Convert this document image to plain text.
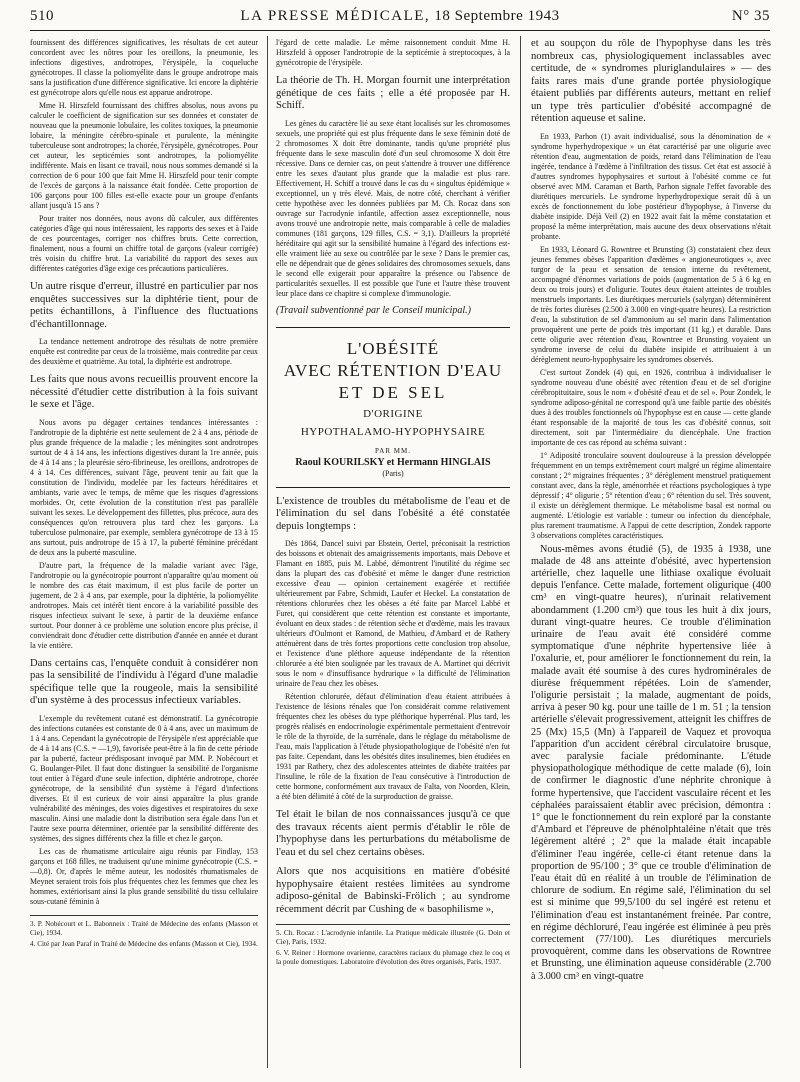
510	LA PRESSE MÉDICALE, 18 Septembre 1943	N° 35

fournissent des différences significatives, les résultats de cet auteur concordent avec les nôtres pour les oreillons, la pneumonie, les infections digestives, androtropes, l'érysipèle, la coqueluche gynécotropes. Il classe la poliomyélite dans le groupe androtrope mais sans la justification d'une différence significative. Ici encore la diphtérie est gynécotrope alors qu'elle nous est apparue androtrope.

Mme H. Hirszfeld fournissant des chiffres absolus, nous avons pu calculer le coefficient de signification sur ses données et constater de nouveau que la pneumonie lobulaire, les colites toxiques, la pneumonie lobaire, la méningite cérébro-spinale et purulente, la méningite tuberculeuse sont androtropes; la chorée, l'érysipèle, gynécotropes. Pour cet auteur, les septicémies sont androtropes, la poliomyélite indifférente. Mais en lisant ce travail, nous nous sommes demandé si la correction de 6 pour 100 que fait Mme H. Hirszfeld pour tenir compte de l'excès de garçons à la naissance était fondée. Cette proportion de 106 garçons pour 100 filles est-elle exacte pour un groupe d'enfants allant jusqu'à 15 ans ?

Pour traiter nos données, nous avons dû calculer, aux différentes catégories d'âge qui nous intéressaient, les rapports des sexes et à l'aide de ces pourcentages, corriger nos chiffres bruts. Cette correction, finalement, nous a fourni un chiffre total de garçons (valeur corrigée) très voisin du chiffre brut. La variabilité du rapport des sexes aux différentes catégories d'âge exige ces précautions particulières.

Un autre risque d'erreur, illustré en particulier par nos enquêtes successives sur la diphtérie tient, pour de petits échantillons, à l'influence des fluctuations d'échantillonnage.

La tendance nettement androtrope des résultats de notre première enquête est contredite par ceux de la troisième, mais contredite par ceux des deuxième et quatrième. Au total, la diphtérie est androtrope.

Les faits que nous avons recueillis prouvent encore la nécessité d'étudier cette distribution à la fois suivant le sexe et l'âge.

Nous avons pu dégager certaines tendances intéressantes : l'androtropie de la diphtérie est nette seulement de 2 à 4 ans, période de plus grande fréquence de la maladie ; les méningites sont androtropes surtout de 4 à 14 ans, les infections digestives durant la 1re année, puis de 4 à 14 ans ; la pleurésie séro-fibrineuse, les oreillons, androtropes de 4 à 14. Ces différences, suivant l'âge, peuvent tenir au fait que la constitution de l'individu, modelée par les facteurs héréditaires et ambiants, varie avec le temps, de même que les risques d'agressions morbides. Or, cette évolution de la constitution n'est pas parallèle suivant les sexes. Le développement des fillettes, plus précoce, aura des conséquences qu'on retrouvera plus tard chez les garçons. La tuberculose pulmonaire, par exemple, semblera gynécotrope de 13 à 15 ans surtout, puis androtrope de 15 à 17, la puberté féminine précédant de deux ans la puberté masculine.

D'autre part, la fréquence de la maladie variant avec l'âge, l'androtropie ou la gynécotropie pourront n'apparaître qu'au moment où le nombre des cas était maximum, il est plus facile de porter un jugement, de 2 à 4 ans, par exemple, pour la diphtérie, la poliomyélite androtropes. Mais cet intérêt tient encore à la variabilité possible des risques infectieux suivant le sexe, à partir de la deuxième enfance surtout. Pour donner à ce problème une solution encore plus précise, il conviendrait donc d'étudier cette distribution d'année en année et durant la vie entière.

Dans certains cas, l'enquête conduit à considérer non pas la sensibilité de l'individu à l'égard d'une maladie spécifique telle que la rougeole, mais la sensibilité d'un système à des processus infectieux variables.

L'exemple du revêtement cutané est démonstratif. La gynécotropie des infections cutanées est constante de 0 à 4 ans, avec un maximum de 1 à 4 ans. Cependant la gynécotropie de l'érysipèle n'est appréciable que de 4 à 14 ans (C.S. = —1,9), favorisée peut-être à la fin de cette période par la puberté, facteur prédisposant invoqué par MM. P. Nobécourt et G. Boulanger-Pilet. Il faut donc distinguer la sensibilité de l'organisme tout entier à l'égard d'une seule infection, diphtérie androtrope, chorée gynécotrope, de la sensibilité d'un système à l'égard d'infections diverses. Et il est curieux de voir ainsi apparaître la plus grande vulnérabilité des méninges, des voies digestives et respiratoires du sexe masculin. Ainsi une maladie dont la distribution sera égale dans l'un et l'autre sexe pourra déterminer, orientée par la sensibilité différente des systèmes, des signes différents chez la fille et chez le garçon.

Les cas de rhumatisme articulaire aigu réunis par Findlay, 153 garçons et 168 filles, ne traduisent qu'une minime gynécotropie (C.S. = —0,8). Or, d'après le même auteur, les nodosités rhumatismales de Meynet seraient trois fois plus fréquentes chez les femmes que chez les hommes, extériorisant ainsi la plus grande sensibilité du tissu cellulaire sous-cutané féminin à

3. P. Nobécourt et L. Babonneix : Traité de Médecine des enfants (Masson et Cie), 1934.

4. Cité par Jean Paraf in Traité de Médecine des enfants (Masson et Cie), 1934.

l'égard de cette maladie. Le même raisonnement conduit Mme H. Hirszfeld à opposer l'androtropie de la septicémie à streptocoques, à la gynécotropie de l'érysipèle.

La théorie de Th. H. Morgan fournit une interprétation génétique de ces faits ; elle a été proposée par H. Schiff.

Les gènes du caractère lié au sexe étant localisés sur les chromosomes sexuels, une propriété qui est plus fréquente dans le sexe féminin doté de 2 chromosomes X doit être dominante, tandis qu'une propriété plus fréquente dans le sexe masculin doté d'un seul chromosome X doit être récessive. Dans ce dernier cas, on peut s'attendre à trouver une différence entre les sexes d'autant plus grande que la maladie est plus rare. Effectivement, H. Schiff a trouvé dans le cas du « singultus épidémique » exceptionnel, un γ très élevé. Mais, de notre côté, cherchant à vérifier cette hypothèse avec les données publiées par M. Ch. Rocaz dans son ouvrage sur l'acrodynie infantile, affection assez exceptionnelle, nous avons trouvé une androtropie nette, mais comparable à celle de maladies communes (181 garçons, 129 filles, C.S. = 3,1). D'ailleurs la propriété héréditaire qui agit sur la sensibilité humaine à l'égard des infections est-elle vraiment liée au sexe ou contrôlée par le sexe ? Dans le premier cas, elle ne dépendrait que de gènes solidaires des chromosomes sexuels, dans le second elle exigerait pour apparaître la présence ou l'absence de particularités sexuelles. Il est possible que l'une et l'autre thèse trouvent leur place dans ce chapitre si complexe d'immunologie.

(Travail subventionné par le Conseil municipal.)

L'OBÉSITÉ
AVEC RÉTENTION D'EAU
ET DE SEL
D'ORIGINE
HYPOTHALAMO-HYPOPHYSAIRE
PAR MM.
Raoul KOURILSKY et Hermann HINGLAIS
(Paris)

L'existence de troubles du métabolisme de l'eau et de l'élimination du sel dans l'obésité a été constatée depuis longtemps :

Dès 1864, Dancel suivi par Ebstein, Oertel, préconisait la restriction des boissons et obtenait des amaigrissements importants, mais Debove et Flamant en 1885, puis M. Labbé, démontrent l'inutilité du régime sec dans la plupart des cas d'obésité et même le danger d'une restriction excessive d'eau — opinion certainement exagérée et rectifiée ultérieurement par Fabre, Schmidt, Laufer et Heckel. La constatation de rétentions chlorurées chez les obèses a été faite par Marcel Labbé et Furet, qui considèrent que cette rétention est constante et importante, évoluant en deux stades : de rétention sèche et d'œdème, mais les travaux ultérieurs d'Oulmont et Ramond, de Mathieu, d'Ambard et de Rathery atténuèrent dans de très fortes proportions cette conclusion trop absolue, et l'existence d'une pléthore aqueuse indépendante de la rétention chlorurée a été bien soulignée par les travaux de A. Martinet qui décrivit sous le nom « d'insuffisance hydrurique » la difficulté de l'élimination urinaire de l'eau chez les obèses.

Rétention chlorurée, défaut d'élimination d'eau étaient attribuées à l'existence de lésions rénales que l'on considérait comme relativement fréquentes chez les obèses du type pléthorique hyperrénal. Plus tard, les progrès réalisés en endocrinologie expérimentale permettaient d'entrevoir le rôle de la thyroïde, de la surrénale, dans le réglage du métabolisme de l'eau, mais l'application à l'étude physiopathologique de l'obésité n'en fut pas faite. Cependant, dans les obésités dites insulinemes, bien étudiées en 1931 par Rathery, chez des adolescentes atteintes de diabète traitées par l'insuline, le rôle de la fixation de l'eau consécutive à l'introduction de cette hormone, conformément aux travaux de Falta, von Noorden, Klein, a été bien délimité à côté de la surproduction de graisse.

Tel était le bilan de nos connaissances jusqu'à ce que des travaux récents aient permis d'établir le rôle de l'hypophyse dans les perturbations du métabolisme de l'eau et du sel chez certains obèses.

Alors que nos acquisitions en matière d'obésité hypophysaire étaient restées limitées au syndrome adiposo-génital de Babinski-Frölich ; au syndrome récemment décrit par Cushing de « basophilisme »,

5. Ch. Rocaz : L'acrodynie infantile. La Pratique médicale illustrée (G. Doin et Cie), Paris, 1932.

6. V. Reiner : Hormone ovarienne, caractères raciaux du plumage chez le coq et la poule domestiques. Laboratoire d'évolution des êtres organisés, Paris, 1937.

et au soupçon du rôle de l'hypophyse dans les très nombreux cas, physiologiquement inclassables avec certitude, de « syndromes pluriglandulaires » — des faits rares mais d'une grande portée physiologique étaient publiés par différents auteurs, mettant en relief un type très particulier d'obésité accompagné de rétention aqueuse et saline.

En 1933, Parhon (1) avait individualisé, sous la dénomination de « syndrome hyperhydropexique » un état caractérisé par une oligurie avec rétention d'eau, augmentation de poids, retard dans l'élimination de l'eau ingérée, tendance à l'œdème à l'infiltration des tissus. Cet état est associé à d'autres syndromes hypophysaires et surtout à l'obésité comme ce fut observé avec MM. Caraman et Barth, Parhon signale l'effet favorable des diurétiques mercuriels. Le syndrome hyperhydropexique serait dû à un excès de fonctionnement du lobe postérieur d'hypophyse, à l'inverse du diabète insipide. Déjà Veil (2) en 1922 avait fait la même constatation et proposé la même interprétation, mais aucune des deux observations n'était probante.

En 1933, Léonard G. Rowntree et Brunsting (3) constataient chez deux jeunes femmes obèses l'apparition d'œdèmes « angioneurotiques », avec turgor de la peau et sensation de tension interne du revêtement, accompagné d'énormes variations de poids (augmentation de 5 à 6 kg en deux ou trois jours) et d'oligurie. Toutes deux étaient atteintes de troubles menstruels importants. Les diurétiques mercuriels (salyrgan) déterminèrent de très fortes diurèses (2.500 à 3.000 en vingt-quatre heures). La restriction d'eau, la substitution de sel d'ammonium au sel marin dans l'alimentation provoquèrent une perte de poids très important (11 kg.) et durable. Dans cette oligurie avec rétention d'eau, Rowntree et Brunsting voyaient un syndrome inverse de celui du diabète insipide et attribuaient à un dérèglement neuro-hypophysaire les syndromes observés.

C'est surtout Zondek (4) qui, en 1926, contribua à individualiser le syndrome nouveau d'une obésité avec rétention d'eau et de sel d'origine cérébropituitaire, sous le nom « d'obésité d'eau et de sel ». Pour Zondek, le syndrome adiposo-génital ne correspond qu'à une faible partie des obésités dues à des troubles fonctionnels où l'hypophyse est en cause — cette glande étant responsable de la majorité de tous les cas d'obésité connus, soit directement, soit par l'intermédiaire du diencéphale. Une fraction importante de ces cas répond au schéma suivant :

1° Adiposité tronculaire souvent douloureuse à la pression développée fréquemment en un temps extrêmement court malgré un régime alimentaire constant ; 2° migraines fréquentes ; 3° dérèglement menstruel pratiquement constant avec, dans la règle, aménorrhée et réactions psychologiques à type dépressif ; 4° oligurie ; 5° rétention d'eau ; 6° rétention du sel. Très souvent, il existe un dérèglement thermique. Le métabolisme basal est normal ou augmenté. L'étiologie est variable : tumeur ou infection du diencéphale, plus rarement traumatisme. A l'appui de cette description, Zondek rapporte 3 observations complètes caractéristiques.

Nous-mêmes avons étudié (5), de 1935 à 1938, une malade de 48 ans atteinte d'obésité, avec hypertension artérielle, chez laquelle une lithiase oxalique évoluait depuis l'enfance. Cette malade, fortement oligurique (400 cm³ en vingt-quatre heures), n'urinait relativement abondamment (1.200 cm³) que tous les huit à dix jours, durant vingt-quatre heures. Ce trouble d'élimination urinaire de l'eau avait été considéré comme symptomatique d'une néphrite hypertensive liée à l'oxalurie, et, pour améliorer le fonctionnement du rein, la malade avait été soumise à des cures hydrominérales de diurèse fréquemment répétées. Loin de s'amender, l'oligurie persistait ; la malade, augmentant de poids, arriva à peser 90 kg. pour une taille de 1 m. 51 ; la tension artérielle s'élevait progressivement, atteignit les chiffres de 25 (Mx) 15,5 (Mn) à l'appareil de Vaquez et provoqua l'apparition d'un accident cérébral circulatoire brusque, avec paralysie faciale prédominante. L'étude physiopathologique méthodique de cette malade (6), loin de confirmer le diagnostic d'une néphrite chronique à forme hypertensive, que l'accident vasculaire récent et les céphalées paraissaient établir avec précision, démontra : 1° que le fonctionnement du rein exploré par la constante d'Ambard et l'épreuve de phénolphtaléine n'était que très légèrement altéré ; 2° que la malade était incapable d'éliminer l'eau ingérée, celle-ci étant retenue dans la proportion de 95/100 ; 3° que ce trouble d'élimination de l'eau était dû en réalité à un trouble de l'élimination de chlorure de sodium. En régime salé, l'élimination du sel est si minime que 99,5/100 du sel ingéré est retenu et l'élimination d'eau est instantanément freinée. Par contre, en régime déchloruré, l'eau ingérée est éliminée à peu près correctement (77/100). Les diurétiques mercuriels provoquèrent, comme dans les observations de Rowntree et Brunsting, une élimination aqueuse considérable (2.700 à 3.000 cm³ en vingt-quatre
